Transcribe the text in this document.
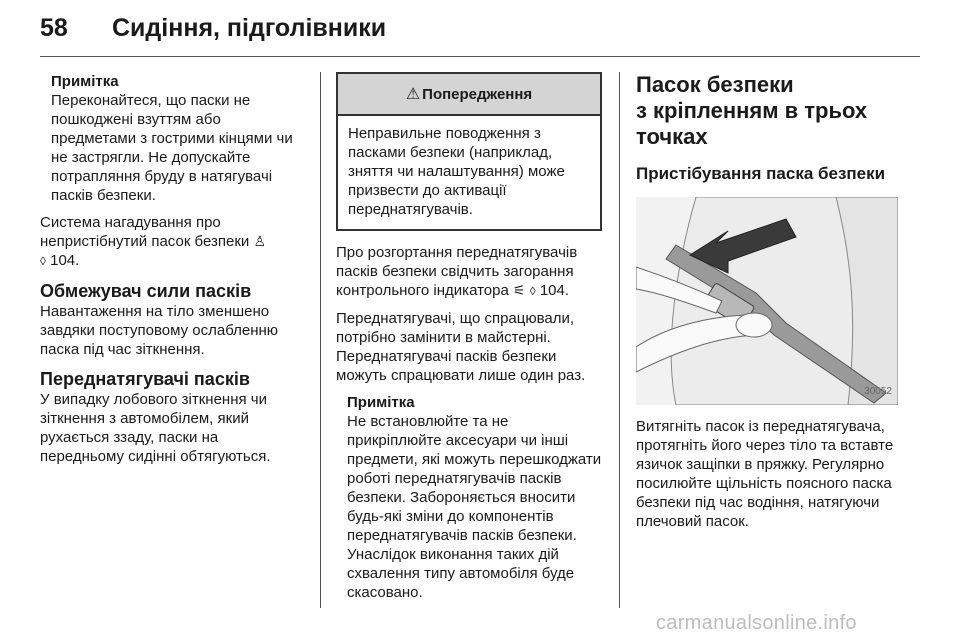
58 Сидіння, підголівники

Примітка

Переконайтеся, що паски не пошкоджені взуттям або предметами з гострими кінцями чи не застрягли. Не допускайте потрапляння бруду в натягувачі пасків безпеки.

Система нагадування про непристібнутий пасок безпеки ♙
◊ 104.

Обмежувач сили пасків

Навантаження на тіло зменшено завдяки поступовому ослабленню паска під час зіткнення.

Переднатягувачі пасків

У випадку лобового зіткнення чи зіткнення з автомобілем, який рухається ззаду, паски на передньому сидінні обтягуються.

⚠ Попередження
Неправильне поводження з пасками безпеки (наприклад, зняття чи налаштування) може призвести до активації переднатягувачів.

Про розгортання переднатягувачів пасків безпеки свідчить загорання контрольного індикатора ⚟ ◊ 104.

Переднатягувачі, що спрацювали, потрібно замінити в майстерні. Переднатягувачі пасків безпеки можуть спрацювати лише один раз.

Примітка

Не встановлюйте та не прикріплюйте аксесуари чи інші предмети, які можуть перешкоджати роботі переднатягувачів пасків безпеки. Забороняється вносити будь-які зміни до компонентів переднатягувачів пасків безпеки. Унаслідок виконання таких дій схвалення типу автомобіля буде скасовано.

Пасок безпеки
з кріпленням в трьох
точках
Пристібування паска безпеки
30052

Витягніть пасок із переднатягувача, протягніть його через тіло та вставте язичок защіпки в пряжку. Регулярно посилюйте щільність поясного паска безпеки під час водіння, натягуючи плечовий пасок.

carmanualsonline.info
